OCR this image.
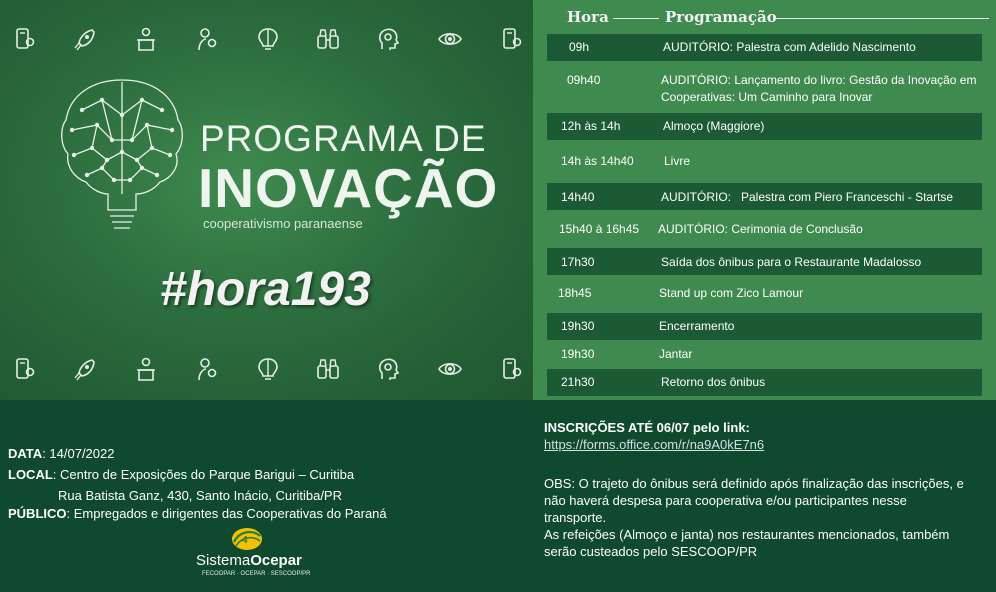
PROGRAMA DE
INOVAÇÃO
cooperativismo paranaense
#hora193
Hora	Programação
09h	AUDITÓRIO: Palestra com Adelido Nascimento
09h40	AUDITÓRIO: Lançamento do livro: Gestão da Inovação em Cooperativas: Um Caminho para Inovar
12h às 14h	Almoço (Maggiore)
14h às 14h40	Livre
14h40	AUDITÓRIO:   Palestra com Piero Franceschi - Startse
15h40 à 16h45 AUDITÓRIO: Cerimonia de Conclusão
17h30	Saída dos ônibus para o Restaurante Madalosso
18h45	Stand up com Zico Lamour
19h30	Encerramento
19h30	Jantar
21h30	Retorno dos ônibus
DATA: 14/07/2022
LOCAL: Centro de Exposições do Parque Barigui – Curitiba
Rua Batista Ganz, 430, Santo Inácio, Curitiba/PR
PÚBLICO: Empregados e dirigentes das Cooperativas do Paraná
4
SistemaOcepar
FECOOPAR · OCEPAR · SESCOOP/PR
INSCRIÇÕES ATÉ 06/07 pelo link:
https://forms.office.com/r/na9A0kE7n6

OBS: O trajeto do ônibus será definido após finalização das inscrições, e não haverá despesa para cooperativa e/ou participantes nesse transporte.

As refeições (Almoço e janta) nos restaurantes mencionados, também serão custeados pelo SESCOOP/PR
